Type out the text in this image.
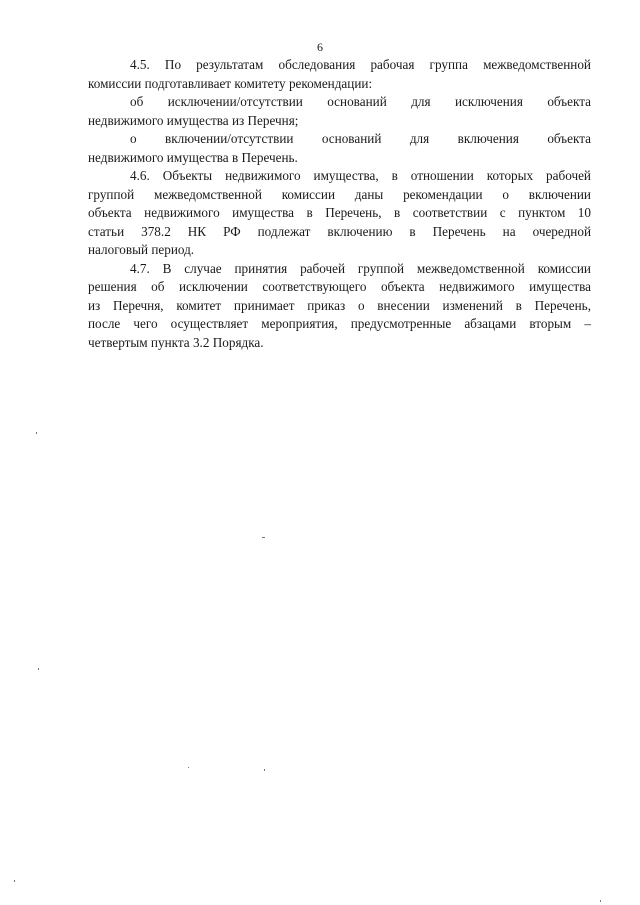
6
4.5. По результатам обследования рабочая группа межведомственной
комиссии подготавливает комитету рекомендации:
об исключении/отсутствии оснований для исключения объекта
недвижимого имущества из Перечня;
о включении/отсутствии оснований для включения объекта
недвижимого имущества в Перечень.
4.6. Объекты недвижимого имущества, в отношении которых рабочей
группой межведомственной комиссии даны рекомендации о включении
объекта недвижимого имущества в Перечень, в соответствии с пунктом 10
статьи 378.2 НК РФ подлежат включению в Перечень на очередной
налоговый период.
4.7. В случае принятия рабочей группой межведомственной комиссии
решения об исключении соответствующего объекта недвижимого имущества
из Перечня, комитет принимает приказ о внесении изменений в Перечень,
после чего осуществляет мероприятия, предусмотренные абзацами вторым –
четвертым пункта 3.2 Порядка.
